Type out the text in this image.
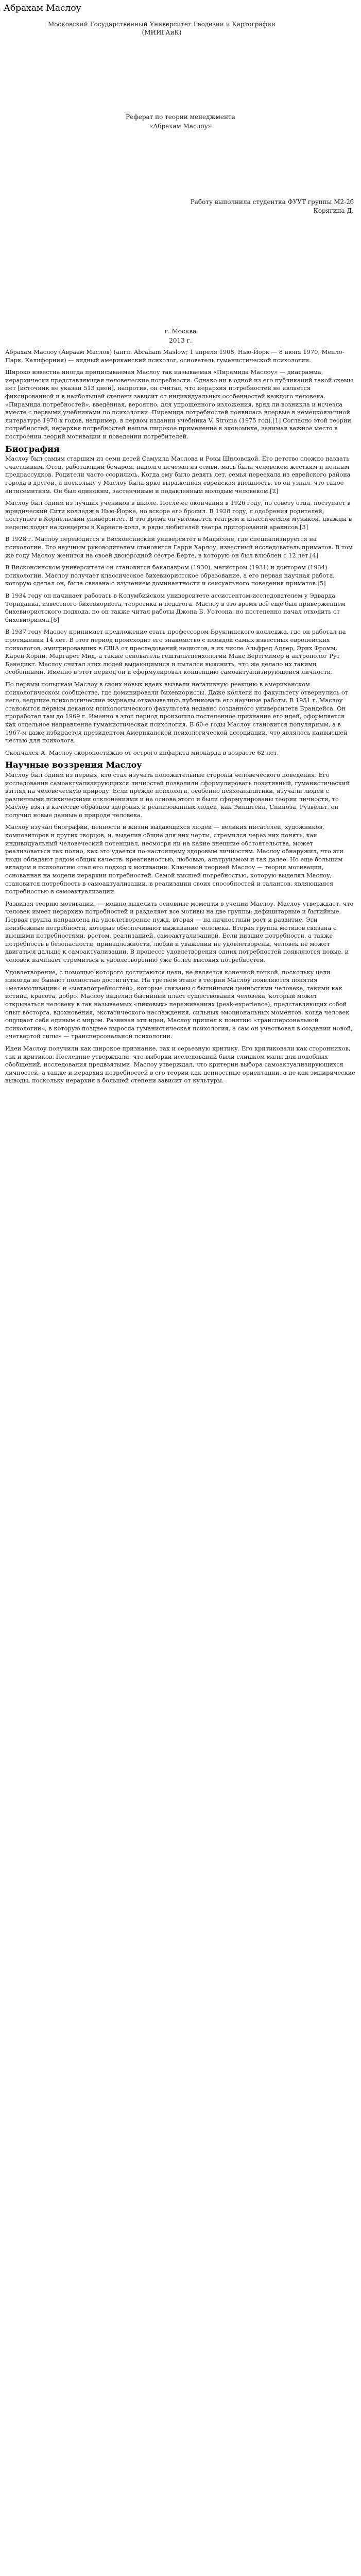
Абрахам Маслоу
Московский Государственный Университет Геодезии и Картографии
(МИИГАиК)
Реферат по теории менеджмента
«Абрахам Маслоу»
Работу выполнила студентка ФУУТ группы М2-2б
Корягина Д.
г. Москва
2013 г.

Абрахам Маслоу (Авраам Маслов) (англ. Abraham Maslow; 1 апреля 1908, Нью-Йорк — 8 июня 1970, Менло-Парк, Калифорния) — видный американский психолог, основатель гуманистической психологии.

Широко известна иногда приписываемая Маслоу так называемая «Пирамида Маслоу» — диаграмма, иерархически представляющая человеческие потребности. Однако ни в одной из его публикаций такой схемы нет [источник не указан 513 дней], напротив, он считал, что иерархия потребностей не является фиксированной и в наибольшей степени зависит от индивидуальных особенностей каждого человека. «Пирамида потребностей», введённая, вероятно, для упрощённого изложения, вряд ли возникла и исчезла вместе с первыми учебниками по психологии. Пирамида потребностей появилась впервые в немецкоязычной литературе 1970-х годов, например, в первом издании учебника V. Stroma (1975 год).[1] Согласно этой теории потребностей, иерархия потребностей нашла широкое применение в экономике, занимая важное место в построении теорий мотивации и поведении потребителей.

Биография

Маслоу был самым старшим из семи детей Самуила Маслова и Розы Шиловской. Его детство сложно назвать счастливым. Отец, работающий бочаром, надолго исчезал из семьи, мать была человеком жестким и полным предрассудков. Родители часто ссорились. Когда ему было девять лет, семья переехала из еврейского района города в другой, и поскольку у Маслоу была ярко выраженная еврейская внешность, то он узнал, что такое антисемитизм. Он был одиноким, застенчивым и подавленным молодым человеком.[2]

Маслоу был одним из лучших учеников в школе. После ее окончания в 1926 году, по совету отца, поступает в юридический Сити колледж в Нью-Йорке, но вскоре его бросил. В 1928 году, с одобрения родителей, поступает в Корнельский университет. В это время он увлекается театром и классической музыкой, дважды в неделю ходит на концерты в Карнеги-холл, в ряды любителей театра пригорований аракисов.[3]

В 1928 г. Маслоу переводится в Висконсинский университет в Мадисоне, где специализируется на психологии. Его научным руководителем становится Гарри Харлоу, известный исследователь приматов. В том же году Маслоу женится на своей двоюродной сестре Берте, в которую он был влюблен с 12 лет.[4]

В Висконсинском университете он становится бакалавром (1930), магистром (1931) и доктором (1934) психологии. Маслоу получает классическое бихевиористское образование, а его первая научная работа, которую сделал он, была связана с изучением доминантности и сексуального поведения приматов.[5]

В 1934 году он начинает работать в Колумбийском университете ассистентом-исследователем у Эдварда Торндайка, известного бихевиориста, теоретика и педагога. Маслоу в это время всё ещё был приверженцем бихевиористского подхода, но он также читал работы Джона Б. Уотсона, но постепенно начал отходить от бихевиоризма.[6]

В 1937 году Маслоу принимает предложение стать профессором Бруклинского колледжа, где он работал на протяжении 14 лет. В этот период происходит его знакомство с плеядой самых известных европейских психологов, эмигрировавших в США от преследований нацистов, в их числе Альфред Адлер, Эрих Фромм, Карен Хорни, Маргарет Мид, а также основатель гештальтпсихологии Макс Вертгеймер и антрополог Рут Бенедикт. Маслоу считал этих людей выдающимися и пытался выяснить, что же делало их такими особенными. Именно в этот период он и сформулировал концепцию самоактуализирующейся личности.

По первым попыткам Маслоу в своих новых идеях вызвали негативную реакцию в американском психологическом сообществе, где доминировали бихевиористы. Даже коллеги по факультету отвернулись от него, ведущие психологические журналы отказывались публиковать его научные работы. В 1951 г. Маслоу становится первым деканом психологического факультета недавно созданного университета Брандейса. Он проработал там до 1969 г. Именно в этот период произошло постепенное признание его идей, оформляется как отдельное направление гуманистическая психология. В 60-е годы Маслоу становится популярным, а в 1967-м даже избирается президентом Американской психологической ассоциации, что являлось наивысшей честью для психолога.

Скончался А. Маслоу скоропостижно от острого инфаркта миокарда в возрасте 62 лет.

Научные воззрения Маслоу

Маслоу был одним из первых, кто стал изучать положительные стороны человеческого поведения. Его исследования самоактуализирующихся личностей позволили сформулировать позитивный, гуманистический взгляд на человеческую природу. Если прежде психологи, особенно психоаналитики, изучали людей с различными психическими отклонениями и на основе этого и были сформулированы теории личности, то Маслоу взял в качестве образцов здоровых и реализованных людей, как Эйнштейн, Спиноза, Рузвельт, он получил новые данные о природе человека.

Маслоу изучал биографии, ценности и жизни выдающихся людей — великих писателей, художников, композиторов и других творцов, и, выделив общие для них черты, стремился через них понять, как индивидуальный человеческий потенциал, несмотря ни на какие внешние обстоятельства, может реализоваться так полно, как это удается по-настоящему здоровым личностям. Маслоу обнаружил, что эти люди обладают рядом общих качеств: креативностью, любовью, альтруизмом и так далее. Но еще большим вкладом в психологию стал его подход к мотивации. Ключевой теорией Маслоу — теория мотивации, основанная на модели иерархии потребностей. Самой высшей потребностью, которую выделял Маслоу, становится потребность в самоактуализации, в реализации своих способностей и талантов, являющаяся потребностью в самоактуализации.

Развивая теорию мотивации, — можно выделить основные моменты в учении Маслоу. Маслоу утверждает, что человек имеет иерархию потребностей и разделяет все мотивы на две группы: дефицитарные и бытийные. Первая группа направлена на удовлетворение нужд, вторая — на личностный рост и развитие. Эти неизбежные потребности, которые обеспечивают выживание человека. Вторая группа мотивов связана с высшими потребностями, ростом, реализацией, самоактуализацией. Если низшие потребности, а также потребность в безопасности, принадлежности, любви и уважении не удовлетворены, человек не может двигаться дальше к самоактуализации. В процессе удовлетворения одних потребностей появляются новые, и человек начинает стремиться к удовлетворению уже более высоких потребностей.

Удовлетворение, с помощью которого достигаются цели, не является конечной точкой, поскольку цели никогда не бывают полностью достигнуты. На третьем этапе в теории Маслоу появляются понятия «метамотивации» и «метапотребностей», которые связаны с бытийными ценностями человека, такими как истина, красота, добро. Маслоу выделил бытийный пласт существования человека, который может открываться человеку в так называемых «пиковых» переживаниях (peak-experience), представляющих собой опыт восторга, вдохновения, экстатического наслаждения, сильных эмоциональных моментов, когда человек ощущает себя единым с миром. Развивая эти идеи, Маслоу пришёл к понятию «трансперсональной психологии», в которую позднее выросла гуманистическая психология, а сам он участвовал в создании новой, «четвертой силы» — трансперсональной психологии.

Идеи Маслоу получили как широкое признание, так и серьезную критику. Его критиковали как сторонников, так и критиков. Последние утверждали, что выборки исследований были слишком малы для подобных обобщений, исследования предвзятыми. Маслоу утверждал, что критерии выбора самоактуализирующихся личностей, а также и иерархия потребностей в его теории как ценностные ориентации, а не как эмпирические выводы, поскольку иерархия в большей степени зависит от культуры.
